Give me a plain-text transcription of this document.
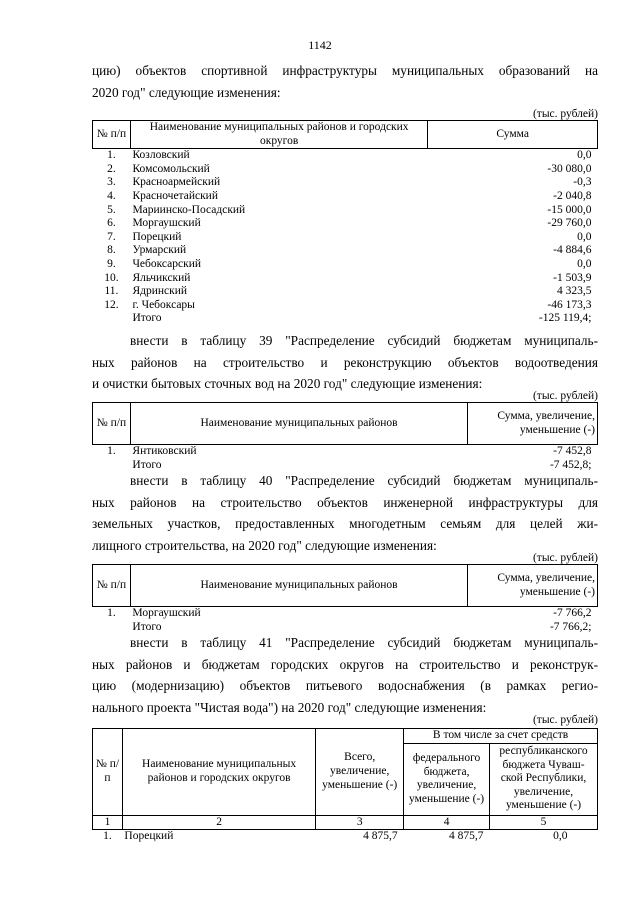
1142
цию) объектов спортивной инфраструктуры муниципальных образований на
2020 год" следующие изменения:
(тыс. рублей)
№ п/п	Наименование муниципальных районов и городских округов	Сумма
1.	Козловский	0,0
2.	Комсомольский	-30 080,0
3.	Красноармейский	-0,3
4.	Красночетайский	-2 040,8
5.	Мариинско-Посадский	-15 000,0
6.	Моргаушский	-29 760,0
7.	Порецкий	0,0
8.	Урмарский	-4 884,6
9.	Чебоксарский	0,0
10.	Яльчикский	-1 503,9
11.	Ядринский	4 323,5
12.	г. Чебоксары	-46 173,3
	Итого	-125 119,4;
внести в таблицу 39 "Распределение субсидий бюджетам муниципаль-
ных районов на строительство и реконструкцию объектов водоотведения
и очистки бытовых сточных вод на 2020 год" следующие изменения:
(тыс. рублей)
№ п/п	Наименование муниципальных районов	Сумма, увеличение, уменьшение (-)
1.	Янтиковский	-7 452,8
	Итого	-7 452,8;
внести в таблицу 40 "Распределение субсидий бюджетам муниципаль-
ных районов на строительство объектов инженерной инфраструктуры для
земельных участков, предоставленных многодетным семьям для целей жи-
лищного строительства, на 2020 год" следующие изменения:
(тыс. рублей)
№ п/п	Наименование муниципальных районов	Сумма, увеличение, уменьшение (-)
1.	Моргаушский	-7 766,2
	Итого	-7 766,2;
внести в таблицу 41 "Распределение субсидий бюджетам муниципаль-
ных районов и бюджетам городских округов на строительство и реконструк-
цию (модернизацию) объектов питьевого водоснабжения (в рамках регио-
нального проекта "Чистая вода") на 2020 год" следующие изменения:
(тыс. рублей)
№ п/п	Наименование муниципальных районов и городских округов	Всего, увеличение, уменьшение (-)	В том числе за счет средств	
			федерального бюджета, увеличение, уменьшение (-)	республиканского бюджета Чуваш-ской Республики, увеличение, уменьшение (-)
1	2	3	4	5
1.	Порецкий	4 875,7	4 875,7	0,0
